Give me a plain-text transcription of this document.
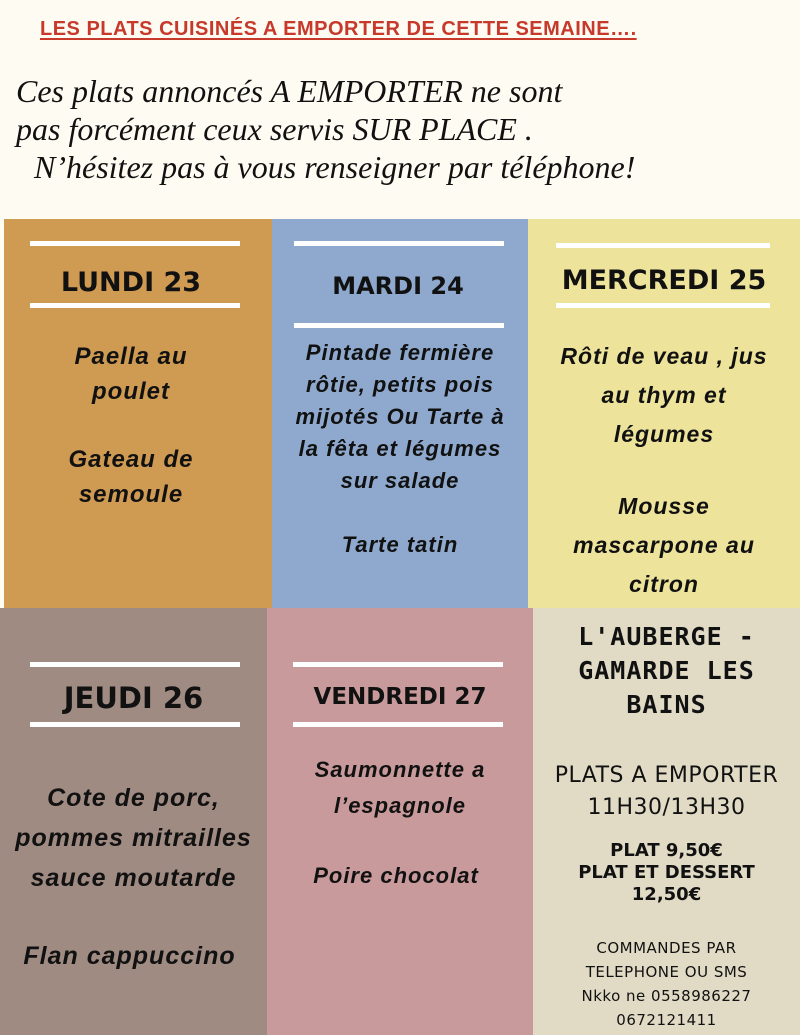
LES PLATS CUISINÉS A EMPORTER DE CETTE SEMAINE….
Ces plats annoncés A EMPORTER ne sont
pas forcément ceux servis SUR PLACE .
N’hésitez pas à vous renseigner par téléphone!
LUNDI 23

Paella au

poulet

Gateau de

semoule

MARDI 24

Pintade fermière

rôtie, petits pois

mijotés Ou Tarte à

la fêta et légumes

sur salade

Tarte tatin

MERCREDI 25

Rôti de veau , jus

au thym et

légumes

Mousse

mascarpone au

citron

JEUDI 26

Cote de porc,

pommes mitrailles

sauce moutarde

Flan cappuccino

VENDREDI 27

Saumonnette a

l’espagnole

Poire chocolat

L'AUBERGE -

GAMARDE LES

BAINS

PLATS A EMPORTER

11H30/13H30

PLAT 9,50€

PLAT ET DESSERT

12,50€

COMMANDES PAR

TELEPHONE OU SMS

Nkko ne 0558986227

0672121411
